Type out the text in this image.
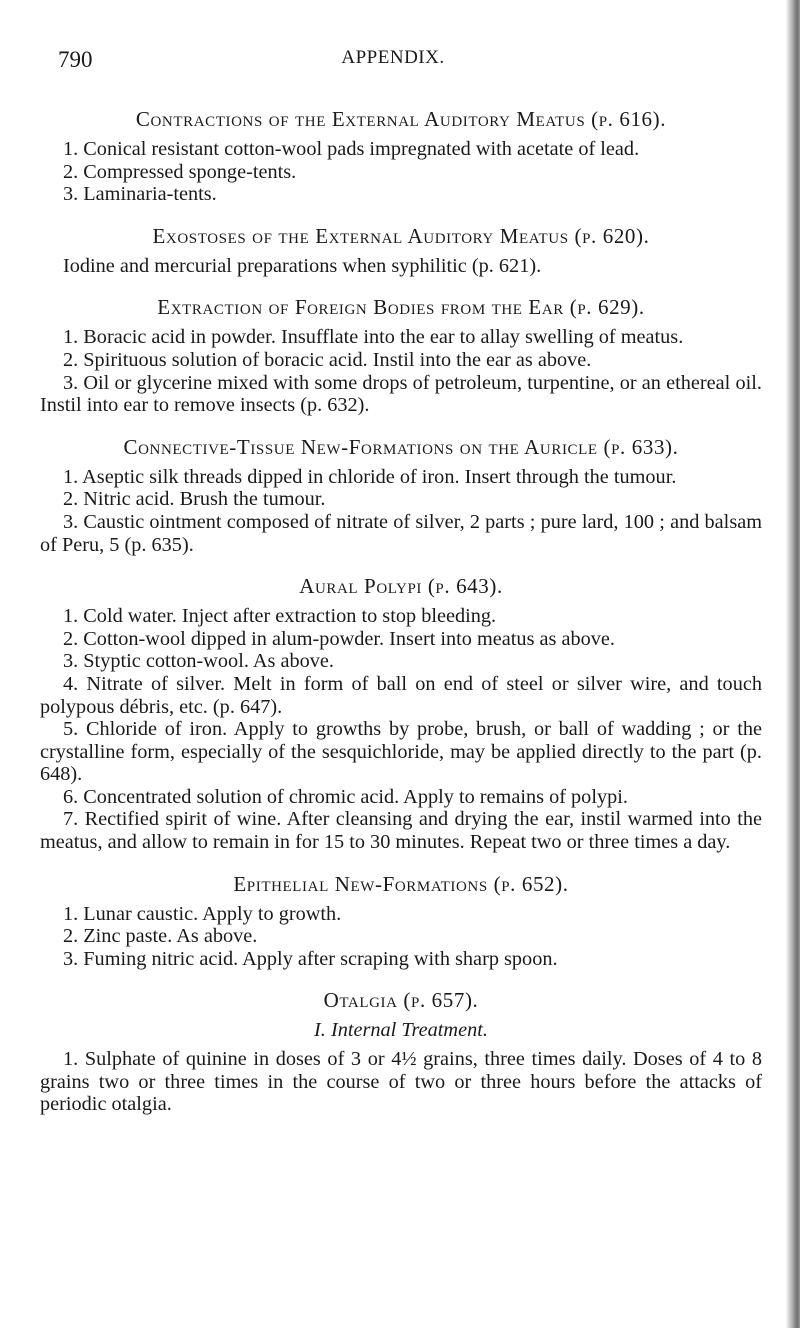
790	APPENDIX.
Contractions of the External Auditory Meatus (p. 616).

1. Conical resistant cotton-wool pads impregnated with acetate of lead.

2. Compressed sponge-tents.

3. Laminaria-tents.

Exostoses of the External Auditory Meatus (p. 620).

Iodine and mercurial preparations when syphilitic (p. 621).

Extraction of Foreign Bodies from the Ear (p. 629).

1. Boracic acid in powder. Insufflate into the ear to allay swelling of meatus.

2. Spirituous solution of boracic acid. Instil into the ear as above.

3. Oil or glycerine mixed with some drops of petroleum, turpentine, or an ethereal oil. Instil into ear to remove insects (p. 632).

Connective-Tissue New-Formations on the Auricle (p. 633).

1. Aseptic silk threads dipped in chloride of iron. Insert through the tumour.

2. Nitric acid. Brush the tumour.

3. Caustic ointment composed of nitrate of silver, 2 parts ; pure lard, 100 ; and balsam of Peru, 5 (p. 635).

Aural Polypi (p. 643).

1. Cold water. Inject after extraction to stop bleeding.

2. Cotton-wool dipped in alum-powder. Insert into meatus as above.

3. Styptic cotton-wool. As above.

4. Nitrate of silver. Melt in form of ball on end of steel or silver wire, and touch polypous débris, etc. (p. 647).

5. Chloride of iron. Apply to growths by probe, brush, or ball of wadding ; or the crystalline form, especially of the sesquichloride, may be applied directly to the part (p. 648).

6. Concentrated solution of chromic acid. Apply to remains of polypi.

7. Rectified spirit of wine. After cleansing and drying the ear, instil warmed into the meatus, and allow to remain in for 15 to 30 minutes. Repeat two or three times a day.

Epithelial New-Formations (p. 652).

1. Lunar caustic. Apply to growth.

2. Zinc paste. As above.

3. Fuming nitric acid. Apply after scraping with sharp spoon.

Otalgia (p. 657).
I. Internal Treatment.

1. Sulphate of quinine in doses of 3 or 4½ grains, three times daily. Doses of 4 to 8 grains two or three times in the course of two or three hours before the attacks of periodic otalgia.
